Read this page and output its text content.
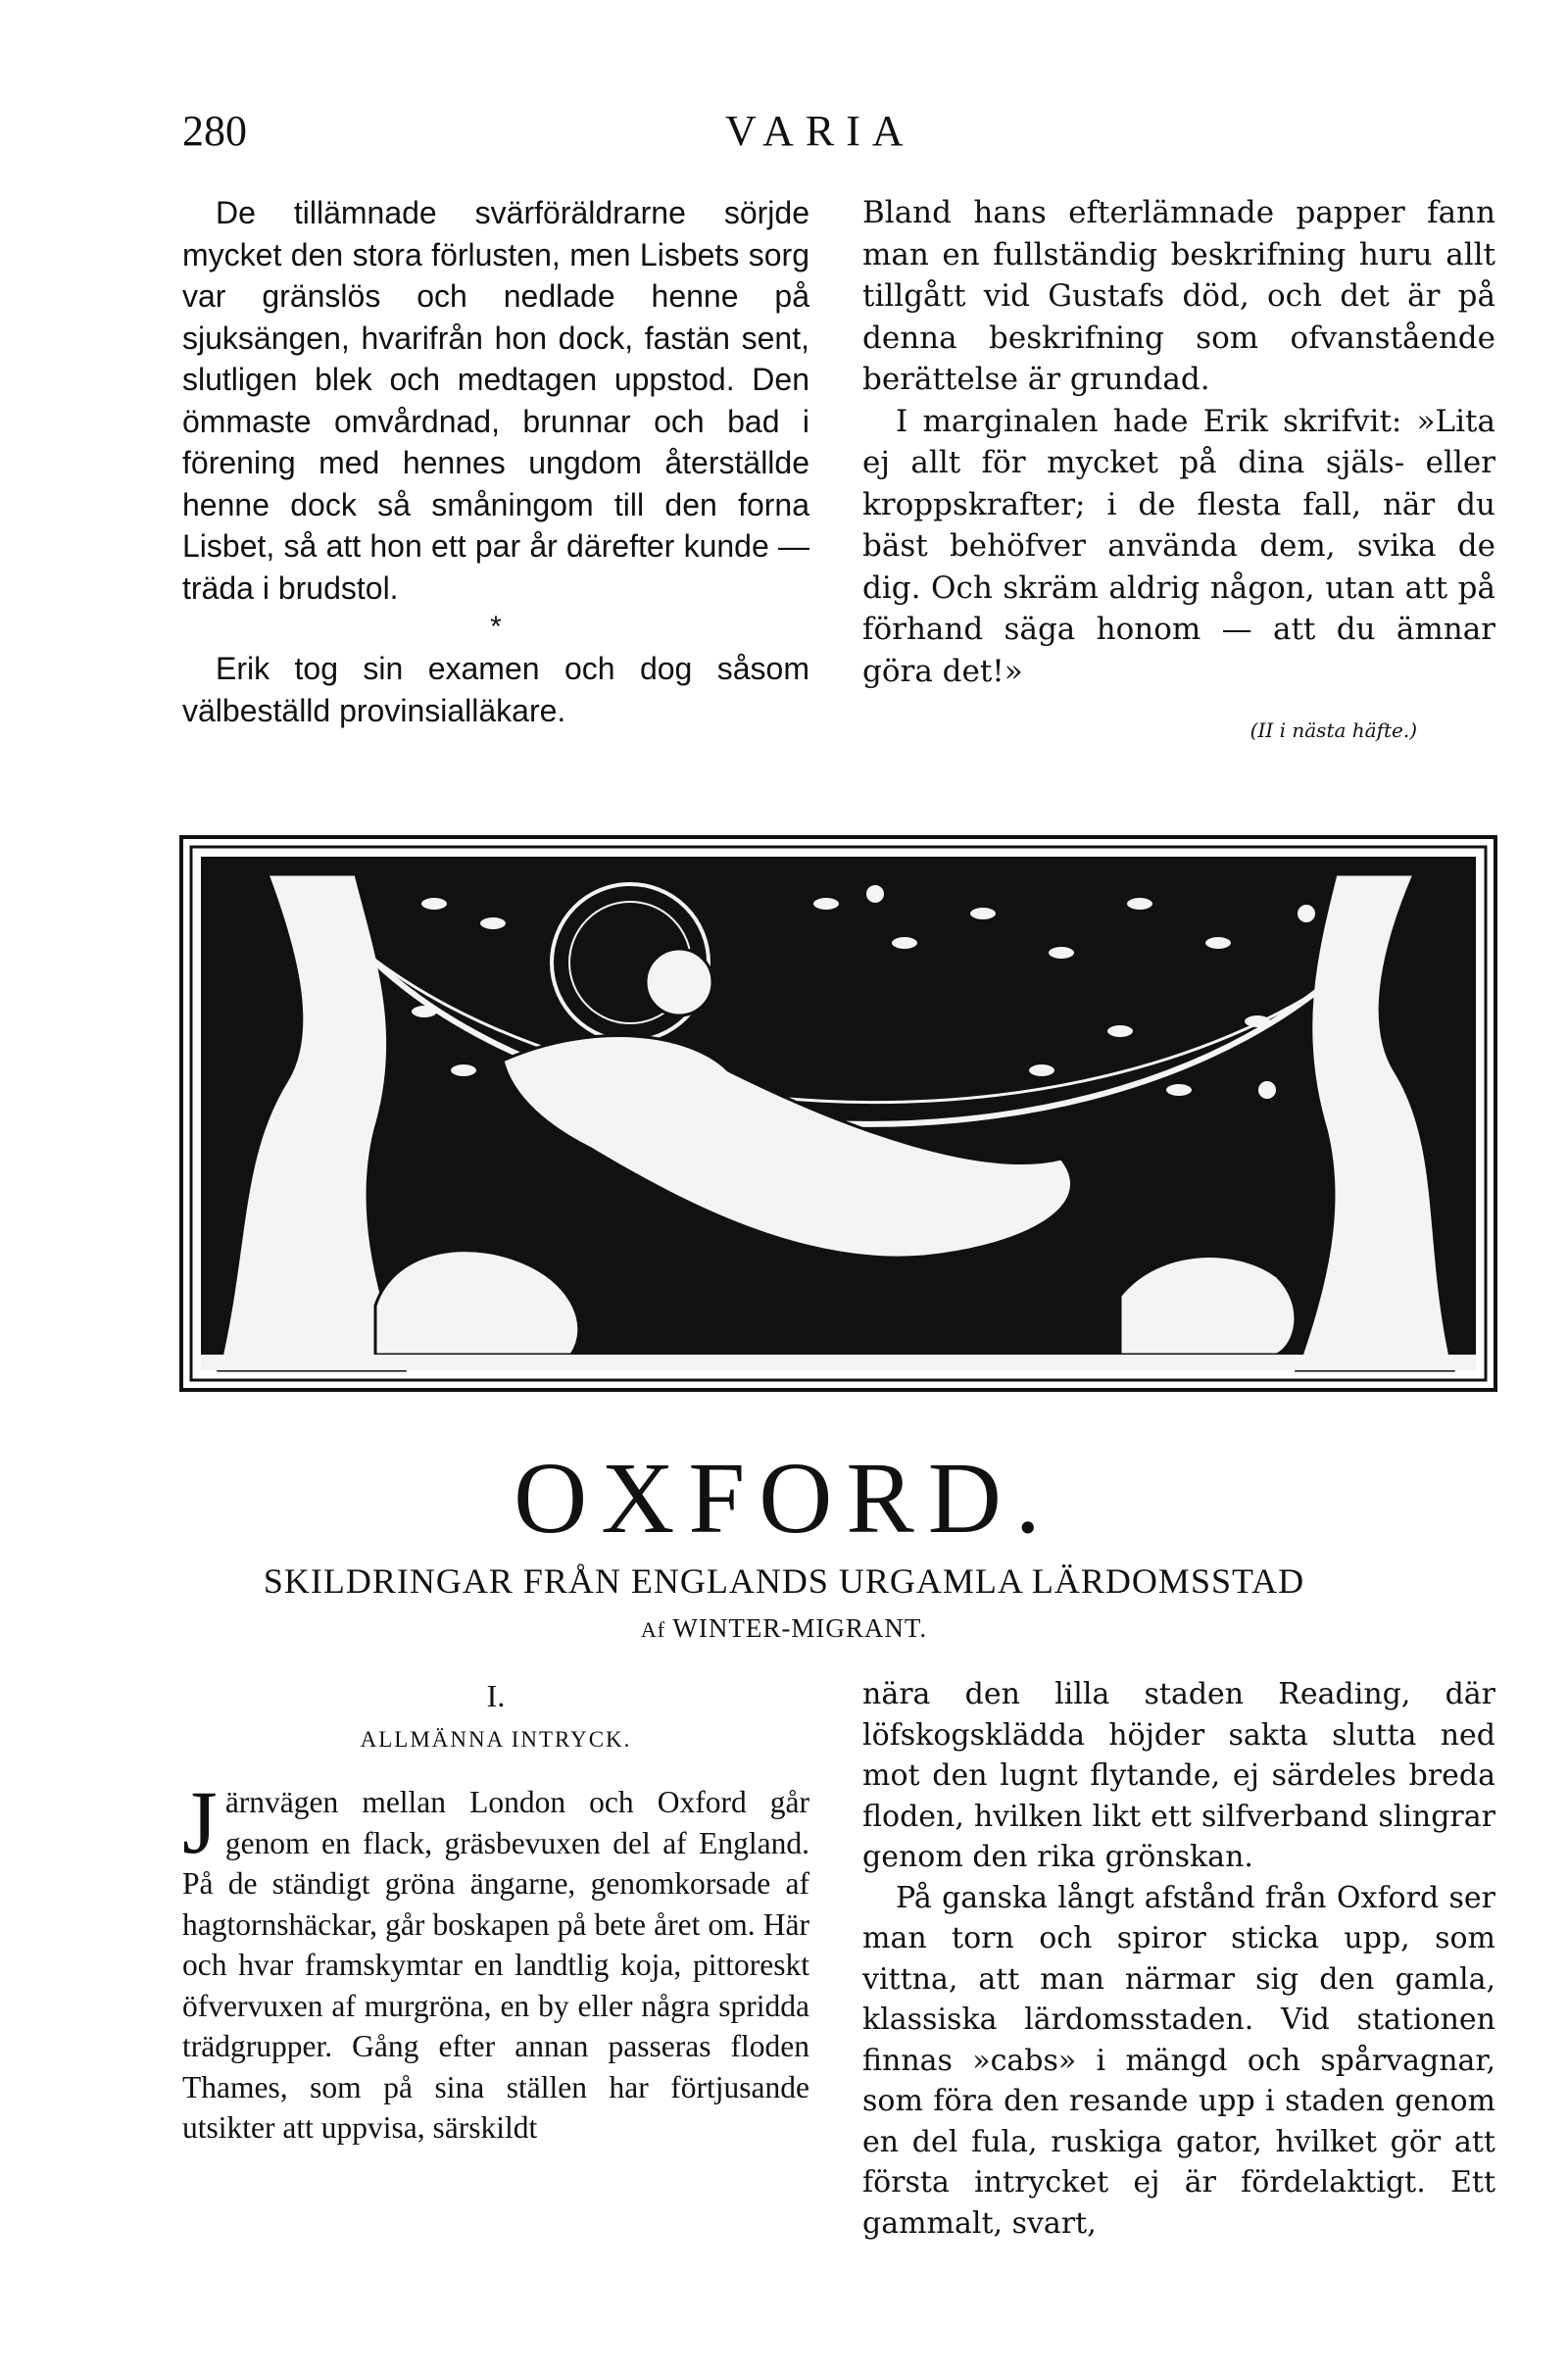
280	VARIA

De tillämnade svärföräldrarne sörjde mycket den stora förlusten, men Lisbets sorg var gränslös och nedlade henne på sjuksängen, hvarifrån hon dock, fastän sent, slutligen blek och medtagen uppstod. Den ömmaste omvårdnad, brunnar och bad i förening med hennes ungdom återställde henne dock så småningom till den forna Lisbet, så att hon ett par år därefter kunde — träda i brudstol.

*

Erik tog sin examen och dog såsom välbeställd provinsialläkare.

Bland hans efterlämnade papper fann man en fullständig beskrifning huru allt tillgått vid Gustafs död, och det är på denna beskrifning som ofvanstående berättelse är grundad.

I marginalen hade Erik skrifvit: »Lita ej allt för mycket på dina själs- eller kroppskrafter; i de flesta fall, när du bäst behöfver använda dem, svika de dig. Och skräm aldrig någon, utan att på förhand säga honom — att du ämnar göra det!»

(II i nästa häfte.)
OXFORD.
SKILDRINGAR FRÅN ENGLANDS URGAMLA LÄRDOMSSTAD
Af WINTER-MIGRANT.
I.
ALLMÄNNA INTRYCK.

Järnvägen mellan London och Oxford går genom en flack, gräsbevuxen del af England. På de ständigt gröna ängarne, genomkorsade af hagtornshäckar, går boskapen på bete året om. Här och hvar framskymtar en landtlig koja, pittoreskt öfvervuxen af murgröna, en by eller några spridda trädgrupper. Gång efter annan passeras floden Thames, som på sina ställen har förtjusande utsikter att uppvisa, särskildt

nära den lilla staden Reading, där löfskogsklädda höjder sakta slutta ned mot den lugnt flytande, ej särdeles breda floden, hvilken likt ett silfverband slingrar genom den rika grönskan.

På ganska långt afstånd från Oxford ser man torn och spiror sticka upp, som vittna, att man närmar sig den gamla, klassiska lärdomsstaden. Vid stationen finnas »cabs» i mängd och spårvagnar, som föra den resande upp i staden genom en del fula, ruskiga gator, hvilket gör att första intrycket ej är fördelaktigt. Ett gammalt, svart,
